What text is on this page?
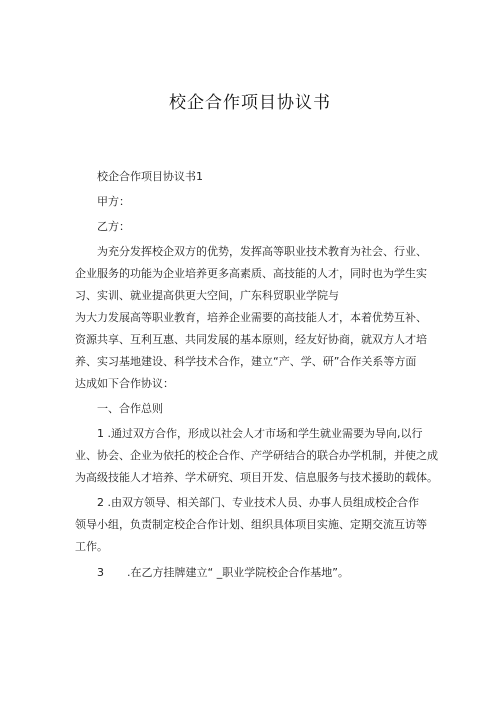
校企合作项目协议书
校企合作项目协议书1
甲方：
乙方：
为充分发挥校企双方的优势，发挥高等职业技术教育为社会、行业、
企业服务的功能为企业培养更多高素质、高技能的人才，同时也为学生实
习、实训、就业提高供更大空间，广东科贸职业学院与
为大力发展高等职业教育，培养企业需要的高技能人才，本着优势互补、
资源共享、互利互惠、共同发展的基本原则，经友好协商，就双方人才培
养、实习基地建设、科学技术合作，建立“产、学、研”合作关系等方面
达成如下合作协议：
一、合作总则
1 .通过双方合作，形成以社会人才市场和学生就业需要为导向,以行
业、协会、企业为依托的校企合作、产学研结合的联合办学机制，并使之成
为高级技能人才培养、学术研究、项目开发、信息服务与技术援助的载体。
2 .由双方领导、相关部门、专业技术人员、办事人员组成校企合作
领导小组，负责制定校企合作计划、组织具体项目实施、定期交流互访等
工作。
3 .在乙方挂牌建立“ _职业学院校企合作基地”。
